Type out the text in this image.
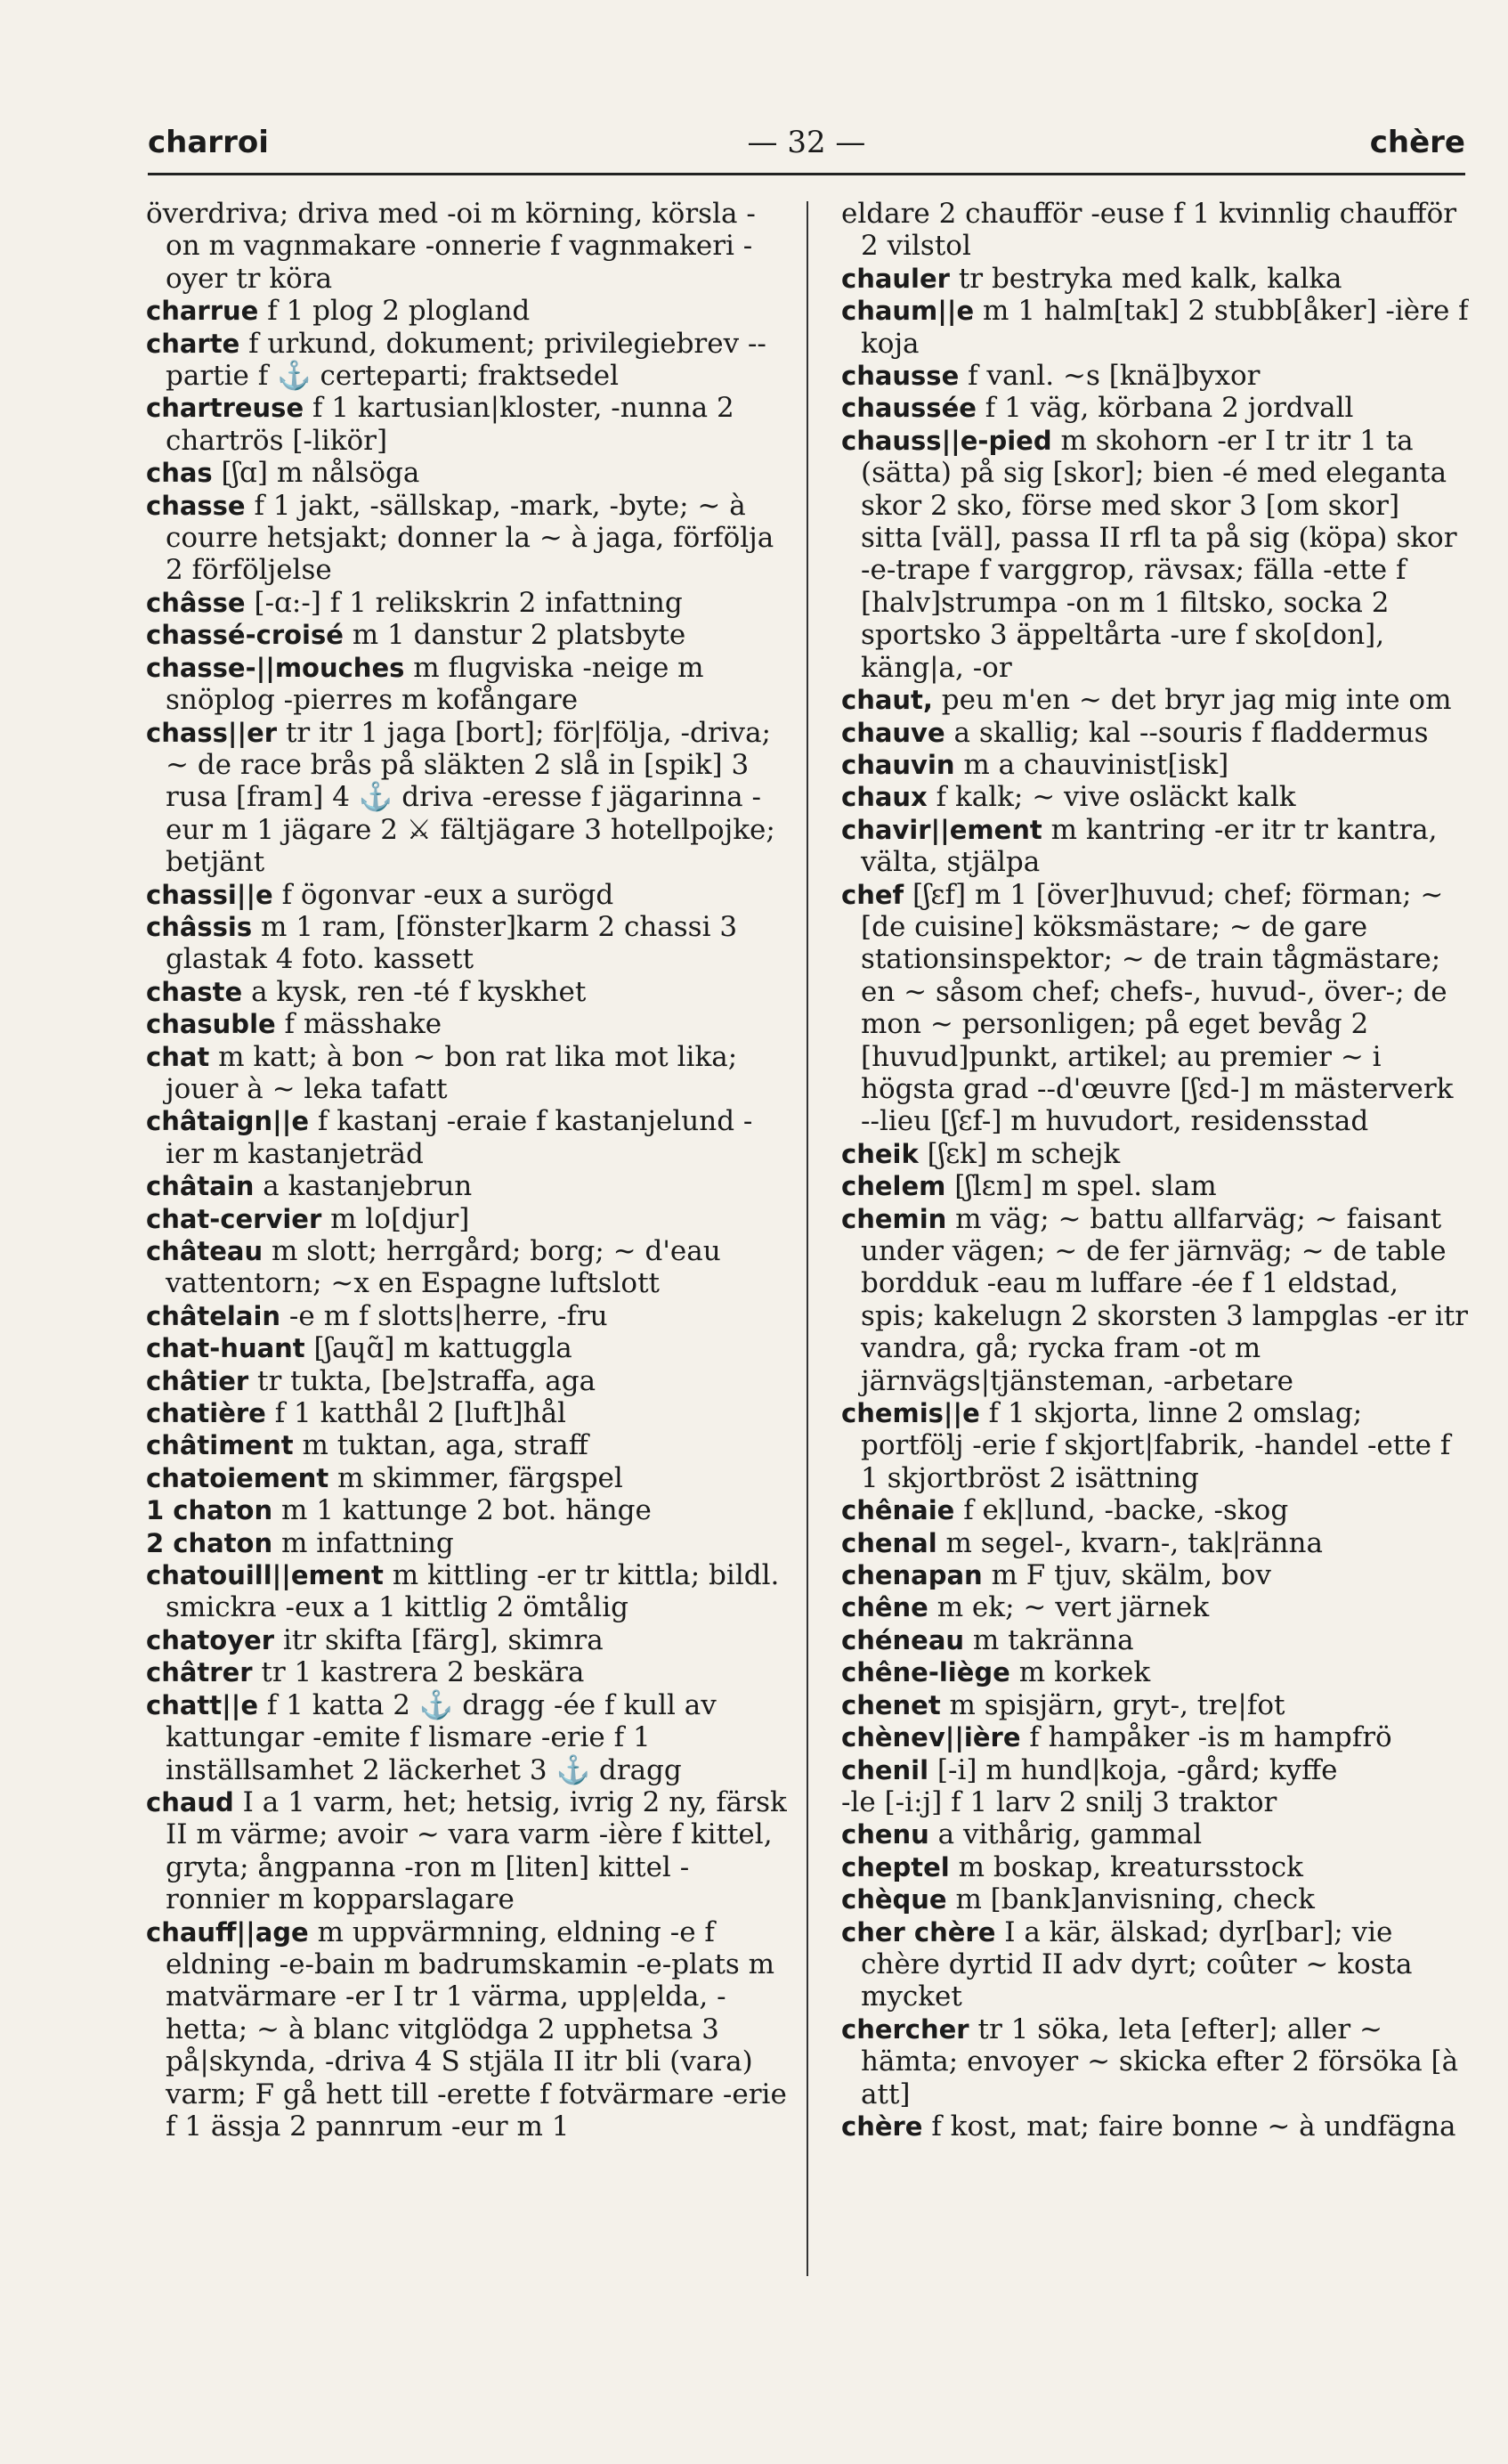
— 32 —
charroi	chère

överdriva; driva med -oi m körning, körsla -on m vagnmakare -onnerie f vagnmakeri -oyer tr köra

charrue f 1 plog 2 plogland

charte f urkund, dokument; privilegiebrev --partie f ⚓ certeparti; fraktsedel

chartreuse f 1 kartusian|kloster, -nunna 2 chartrös [-likör]

chas [ʃɑ] m nålsöga

chasse f 1 jakt, -sällskap, -mark, -byte; ~ à courre hetsjakt; donner la ~ à jaga, förfölja 2 förföljelse

châsse [-ɑ:-] f 1 relikskrin 2 infattning

chassé-croisé m 1 danstur 2 platsbyte

chasse-||mouches m flugviska -neige m snöplog -pierres m kofångare

chass||er tr itr 1 jaga [bort]; för|följa, -driva; ~ de race brås på släkten 2 slå in [spik] 3 rusa [fram] 4 ⚓ driva -eresse f jägarinna -eur m 1 jägare 2 ⚔ fältjägare 3 hotellpojke; betjänt

chassi||e f ögonvar -eux a surögd

châssis m 1 ram, [fönster]karm 2 chassi 3 glastak 4 foto. kassett

chaste a kysk, ren -té f kyskhet

chasuble f mässhake

chat m katt; à bon ~ bon rat lika mot lika; jouer à ~ leka tafatt

châtaign||e f kastanj -eraie f kastanjelund -ier m kastanjeträd

châtain a kastanjebrun

chat-cervier m lo[djur]

château m slott; herrgård; borg; ~ d'eau vattentorn; ~x en Espagne luftslott

châtelain -e m f slotts|herre, -fru

chat-huant [ʃaɥɑ̃] m kattuggla

châtier tr tukta, [be]straffa, aga

chatière f 1 katthål 2 [luft]hål

châtiment m tuktan, aga, straff

chatoiement m skimmer, färgspel

1 chaton m 1 kattunge 2 bot. hänge

2 chaton m infattning

chatouill||ement m kittling -er tr kittla; bildl. smickra -eux a 1 kittlig 2 ömtålig

chatoyer itr skifta [färg], skimra

châtrer tr 1 kastrera 2 beskära

chatt||e f 1 katta 2 ⚓ dragg -ée f kull av kattungar -emite f lismare -erie f 1 inställsamhet 2 läckerhet 3 ⚓ dragg

chaud I a 1 varm, het; hetsig, ivrig 2 ny, färsk II m värme; avoir ~ vara varm -ière f kittel, gryta; ångpanna -ron m [liten] kittel -ronnier m kopparslagare

chauff||age m uppvärmning, eldning -e f eldning -e-bain m badrumskamin -e-plats m matvärmare -er I tr 1 värma, upp|elda, -hetta; ~ à blanc vitglödga 2 upphetsa 3 på|skynda, -driva 4 S stjäla II itr bli (vara) varm; F gå hett till -erette f fotvärmare -erie f 1 ässja 2 pannrum -eur m 1

eldare 2 chaufför -euse f 1 kvinnlig chaufför 2 vilstol

chauler tr bestryka med kalk, kalka

chaum||e m 1 halm[tak] 2 stubb[åker] -ière f koja

chausse f vanl. ~s [knä]byxor

chaussée f 1 väg, körbana 2 jordvall

chauss||e-pied m skohorn -er I tr itr 1 ta (sätta) på sig [skor]; bien -é med eleganta skor 2 sko, förse med skor 3 [om skor] sitta [väl], passa II rfl ta på sig (köpa) skor -e-trape f varggrop, rävsax; fälla -ette f [halv]strumpa -on m 1 filtsko, socka 2 sportsko 3 äppeltårta -ure f sko[don], käng|a, -or

chaut, peu m'en ~ det bryr jag mig inte om

chauve a skallig; kal --souris f fladdermus

chauvin m a chauvinist[isk]

chaux f kalk; ~ vive osläckt kalk

chavir||ement m kantring -er itr tr kantra, välta, stjälpa

chef [ʃɛf] m 1 [över]huvud; chef; förman; ~ [de cuisine] köksmästare; ~ de gare stationsinspektor; ~ de train tågmästare; en ~ såsom chef; chefs-, huvud-, över-; de mon ~ personligen; på eget bevåg 2 [huvud]punkt, artikel; au premier ~ i högsta grad --d'œuvre [ʃɛd-] m mästerverk --lieu [ʃɛf-] m huvudort, residensstad

cheik [ʃɛk] m schejk

chelem [ʃlɛm] m spel. slam

chemin m väg; ~ battu allfarväg; ~ faisant under vägen; ~ de fer järnväg; ~ de table bordduk -eau m luffare -ée f 1 eldstad, spis; kakelugn 2 skorsten 3 lampglas -er itr vandra, gå; rycka fram -ot m järnvägs|tjänsteman, -arbetare

chemis||e f 1 skjorta, linne 2 omslag; portfölj -erie f skjort|fabrik, -handel -ette f 1 skjortbröst 2 isättning

chênaie f ek|lund, -backe, -skog

chenal m segel-, kvarn-, tak|ränna

chenapan m F tjuv, skälm, bov

chêne m ek; ~ vert järnek

chéneau m takränna

chêne-liège m korkek

chenet m spisjärn, gryt-, tre|fot

chènev||ière f hampåker -is m hampfrö

chenil [-i] m hund|koja, -gård; kyffe

-le [-i:j] f 1 larv 2 snilj 3 traktor

chenu a vithårig, gammal

cheptel m boskap, kreatursstock

chèque m [bank]anvisning, check

cher chère I a kär, älskad; dyr[bar]; vie chère dyrtid II adv dyrt; coûter ~ kosta mycket

chercher tr 1 söka, leta [efter]; aller ~ hämta; envoyer ~ skicka efter 2 försöka [à att]

chère f kost, mat; faire bonne ~ à undfägna
